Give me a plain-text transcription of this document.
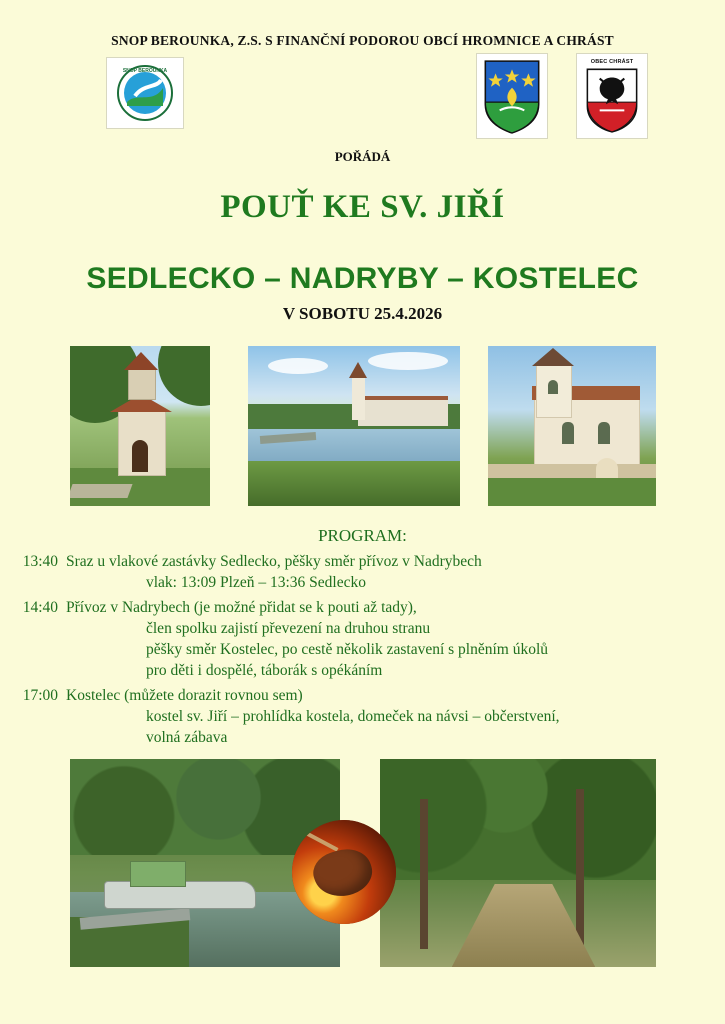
SNOP BEROUNKA, Z.S. S FINANČNÍ PODOROU OBCÍ HROMNICE A CHRÁST
SNOP BEROUNKA
OBEC CHRÁST
POŘÁDÁ
POUŤ KE SV. JIŘÍ
SEDLECKO – NADRYBY – KOSTELEC
V SOBOTU 25.4.2026
PROGRAM:
13:40 Sraz u vlakové zastávky Sedlecko, pěšky směr přívoz v Nadrybech
vlak: 13:09 Plzeň – 13:36 Sedlecko
14:40 Přívoz v Nadrybech (je možné přidat se k pouti až tady),
člen spolku zajistí převezení na druhou stranu
pěšky směr Kostelec, po cestě několik zastavení s plněním úkolů
pro děti i dospělé, táborák s opékáním
17:00 Kostelec (můžete dorazit rovnou sem)
kostel sv. Jiří – prohlídka kostela, domeček na návsi – občerstvení,
volná zábava
